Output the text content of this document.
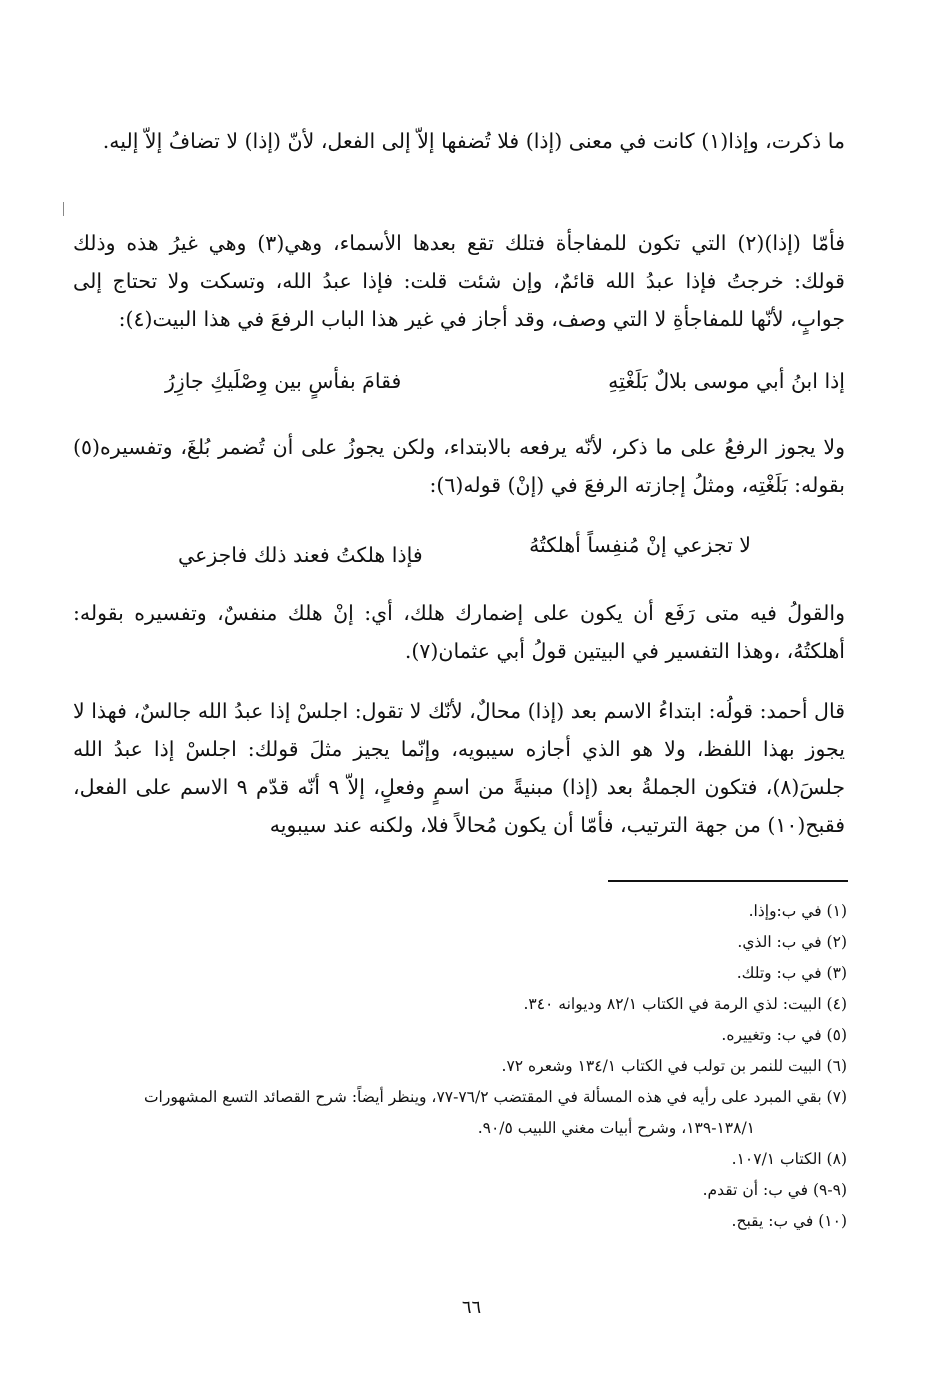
ما ذكرت، وإذا(١) كانت في معنى (إذا) فلا تُضفها إلاّ إلى الفعل، لأنّ (إذا) لا تضافُ إلاّ إليه.

فأمّا (إذا)(٢) التي تكون للمفاجأة فتلك تقع بعدها الأسماء، وهي(٣) وهي غيرُ هذه وذلك قولك: خرجتُ فإذا عبدُ الله قائمٌ، وإن شئت قلت: فإذا عبدُ الله، وتسكت ولا تحتاج إلى جوابٍ، لأنّها للمفاجأةِ لا التي وصف، وقد أجاز في غير هذا الباب الرفعَ في هذا البيت(٤):

إذا ابنُ أبي موسى بلالٌ بَلَغْتِهِ
فقامَ بفأسٍ بين وِصْلَيكِ جازِرُ

ولا يجوز الرفعُ على ما ذكر، لأنّه يرفعه بالابتداء، ولكن يجوزُ على أن تُضمر بُلغَ، وتفسيره(٥) بقوله: بَلَغْتِه، ومثلُ إجازته الرفعَ في (إنْ) قوله(٦):

لا تجزعي إنْ مُنفِساً أهلكتُهُ
فإذا هلكتُ فعند ذلك فاجزعي

والقولُ فيه متى رَفَع أن يكون على إضمارك هلك، أي: إنْ هلك منفسٌ، وتفسيره بقوله: أهلكتُهُ، ،وهذا التفسير في البيتين قولُ أبي عثمان(٧).

قال أحمد: قولُه: ابتداءُ الاسم بعد (إذا) محالٌ، لأنّك لا تقول: اجلسْ إذا عبدُ الله جالسٌ، فهذا لا يجوز بهذا اللفظ، ولا هو الذي أجازه سيبويه، وإنّما يجيز مثلَ قولك: اجلسْ إذا عبدُ الله جلسَ(٨)، فتكون الجملةُ بعد (إذا) مبنيةً من اسمٍ وفعلٍ، إلاّ ٩ أنّه قدّم ٩ الاسم على الفعل، فقبح(١٠) من جهة الترتيب، فأمّا أن يكون مُحالاً فلا، ولكنه عند سيبويه

(١) في ب:وإذا.
(٢) في ب: الذي.
(٣) في ب: وتلك.
(٤) البيت: لذي الرمة في الكتاب ٨٢/١ وديوانه ٣٤٠.
(٥) في ب: وتغييره.
(٦) البيت للنمر بن تولب في الكتاب ١٣٤/١ وشعره ٧٢.
(٧) بقي المبرد على رأيه في هذه المسألة في المقتضب ٧٦/٢-٧٧، وينظر أيضاً: شرح القصائد التسع المشهورات
١٣٨/١-١٣٩، وشرح أبيات مغني اللبيب ٩٠/٥.
(٨) الكتاب ١٠٧/١.
(٩-٩) في ب: أن تقدم.
(١٠) في ب: يقبح.
٦٦
